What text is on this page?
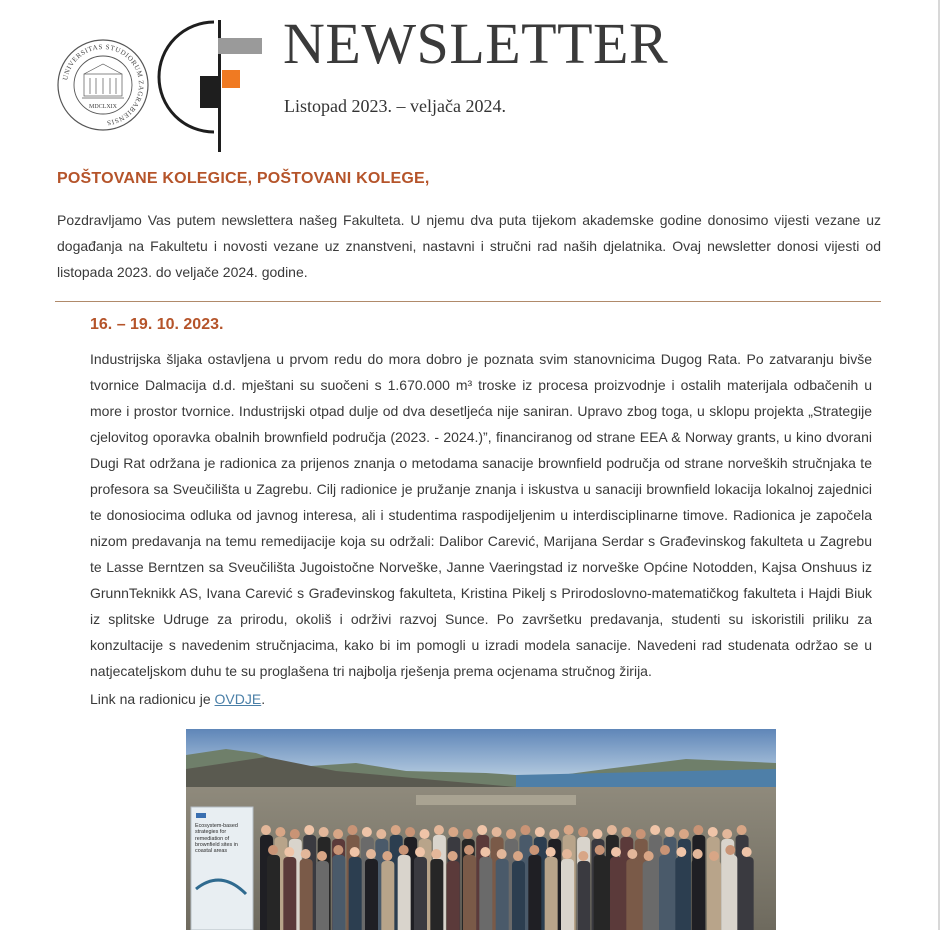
UNIVERSITAS STUDIORUM ZAGRABIENSIS
MDCLXIX
NEWSLETTER
Listopad 2023. – veljača 2024.
POŠTOVANE KOLEGICE, POŠTOVANI KOLEGE,

Pozdravljamo Vas putem newslettera našeg Fakulteta. U njemu dva puta tijekom akademske godine donosimo vijesti vezane uz događanja na Fakultetu i novosti vezane uz znanstveni, nastavni i stručni rad naših djelatnika. Ovaj newsletter donosi vijesti od listopada 2023. do veljače 2024. godine.

16. – 19. 10. 2023.

Industrijska šljaka ostavljena u prvom redu do mora dobro je poznata svim stanovnicima Dugog Rata. Po zatvaranju bivše tvornice Dalmacija d.d. mještani su suočeni s 1.670.000 m³ troske iz procesa proizvodnje i ostalih materijala odbačenih u more i prostor tvornice. Industrijski otpad dulje od dva desetljeća nije saniran. Upravo zbog toga, u sklopu projekta „Strategije cjelovitog oporavka obalnih brownfield područja (2023. - 2024.)”, financiranog od strane EEA & Norway grants, u kino dvorani Dugi Rat održana je radionica za prijenos znanja o metodama sanacije brownfield područja od strane norveških stručnjaka te profesora sa Sveučilišta u Zagrebu. Cilj radionice je pružanje znanja i iskustva u sanaciji brownfield lokacija lokalnoj zajednici te donosiocima odluka od javnog interesa, ali i studentima raspodijeljenim u interdisciplinarne timove. Radionica je započela nizom predavanja na temu remedijacije koja su održali: Dalibor Carević, Marijana Serdar s Građevinskog fakulteta u Zagrebu te Lasse Berntzen sa Sveučilišta Jugoistočne Norveške, Janne Vaeringstad iz norveške Općine Notodden, Kajsa Onshuus iz GrunnTeknikk AS, Ivana Carević s Građevinskog fakulteta, Kristina Pikelj s Prirodoslovno-matematičkog fakulteta i Hajdi Biuk iz splitske Udruge za prirodu, okoliš i održivi razvoj Sunce. Po završetku predavanja, studenti su iskoristili priliku za konzultacije s navedenim stručnjacima, kako bi im pomogli u izradi modela sanacije. Navedeni rad studenata održao se u natjecateljskom duhu te su proglašena tri najbolja rješenja prema ocjenama stručnog žirija.

Link na radionicu je OVDJE.
Ecosystem-based strategies for remediation of brownfield sites in coastal areas
